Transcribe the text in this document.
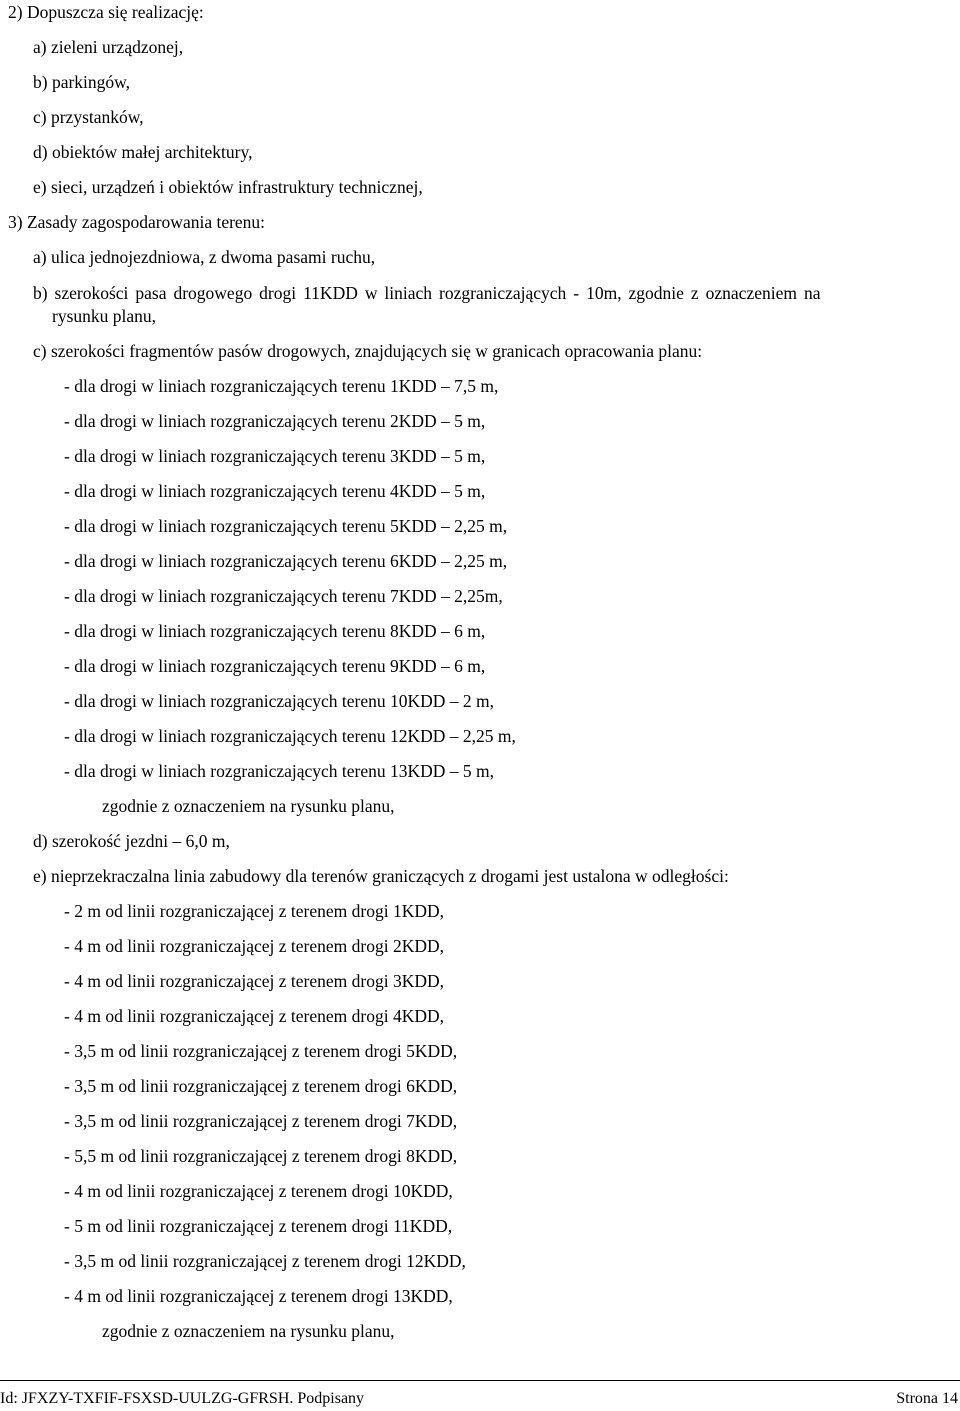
2) Dopuszcza się realizację:
a) zieleni urządzonej,
b) parkingów,
c) przystanków,
d) obiektów małej architektury,
e) sieci, urządzeń i obiektów infrastruktury technicznej,
3) Zasady zagospodarowania terenu:
a) ulica jednojezdniowa, z dwoma pasami ruchu,
b) szerokości pasa drogowego drogi 11KDD w liniach rozgraniczających - 10m, zgodnie z oznaczeniem na
rysunku planu,
c) szerokości fragmentów pasów drogowych, znajdujących się w granicach opracowania planu:
- dla drogi w liniach rozgraniczających terenu 1KDD – 7,5 m,
- dla drogi w liniach rozgraniczających terenu 2KDD – 5 m,
- dla drogi w liniach rozgraniczających terenu 3KDD – 5 m,
- dla drogi w liniach rozgraniczających terenu 4KDD – 5 m,
- dla drogi w liniach rozgraniczających terenu 5KDD – 2,25 m,
- dla drogi w liniach rozgraniczających terenu 6KDD – 2,25 m,
- dla drogi w liniach rozgraniczających terenu 7KDD – 2,25m,
- dla drogi w liniach rozgraniczających terenu 8KDD – 6 m,
- dla drogi w liniach rozgraniczających terenu 9KDD – 6 m,
- dla drogi w liniach rozgraniczających terenu 10KDD – 2 m,
- dla drogi w liniach rozgraniczających terenu 12KDD – 2,25 m,
- dla drogi w liniach rozgraniczających terenu 13KDD – 5 m,
zgodnie z oznaczeniem na rysunku planu,
d) szerokość jezdni – 6,0 m,
e) nieprzekraczalna linia zabudowy dla terenów graniczących z drogami jest ustalona w odległości:
- 2 m od linii rozgraniczającej z terenem drogi 1KDD,
- 4 m od linii rozgraniczającej z terenem drogi 2KDD,
- 4 m od linii rozgraniczającej z terenem drogi 3KDD,
- 4 m od linii rozgraniczającej z terenem drogi 4KDD,
- 3,5 m od linii rozgraniczającej z terenem drogi 5KDD,
- 3,5 m od linii rozgraniczającej z terenem drogi 6KDD,
- 3,5 m od linii rozgraniczającej z terenem drogi 7KDD,
- 5,5 m od linii rozgraniczającej z terenem drogi 8KDD,
- 4 m od linii rozgraniczającej z terenem drogi 10KDD,
- 5 m od linii rozgraniczającej z terenem drogi 11KDD,
- 3,5 m od linii rozgraniczającej z terenem drogi 12KDD,
- 4 m od linii rozgraniczającej z terenem drogi 13KDD,
zgodnie z oznaczeniem na rysunku planu,
Id: JFXZY-TXFIF-FSXSD-UULZG-GFRSH. Podpisany	Strona 14
